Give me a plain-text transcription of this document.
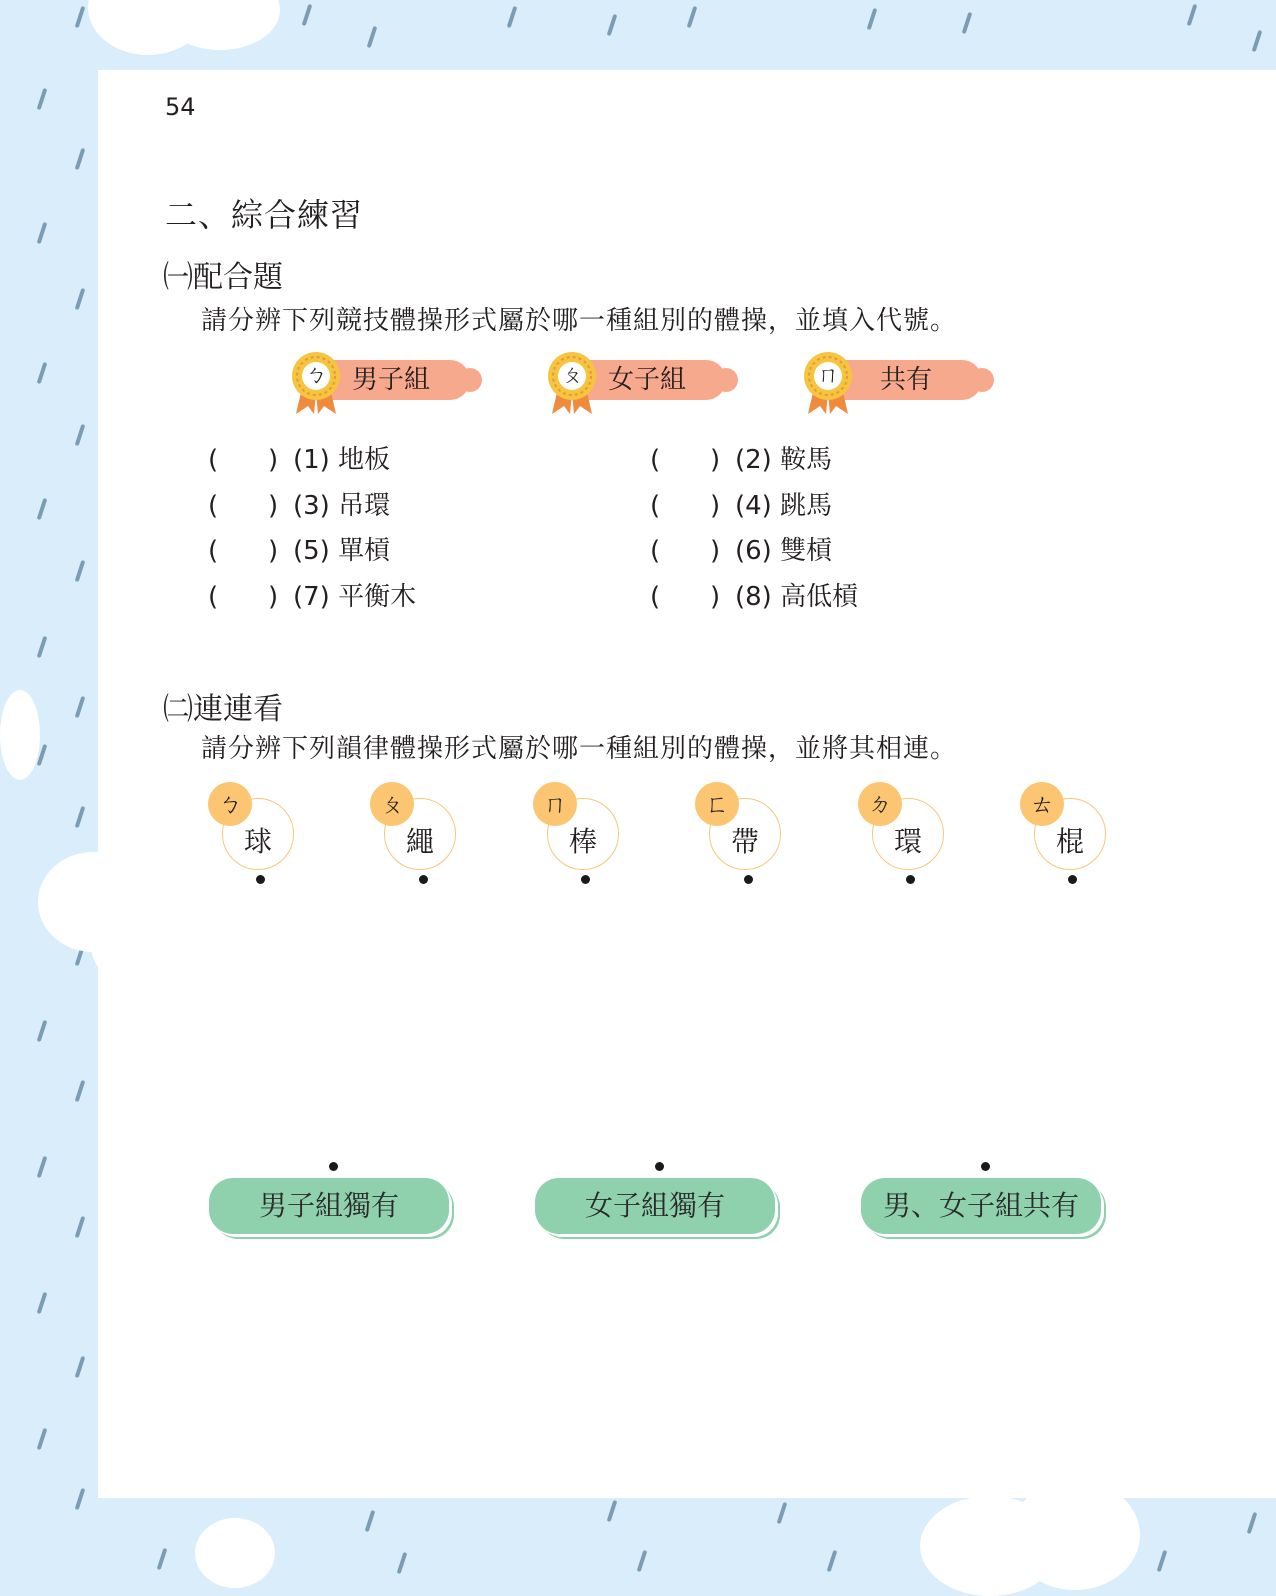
54
二、綜合練習
㈠配合題
請分辨下列競技體操形式屬於哪一種組別的體操，並填入代號。
ㄅ 男子組	ㄆ 女子組	ㄇ 共有
( ) (1) 地板	( ) (2) 鞍馬
( ) (3) 吊環	( ) (4) 跳馬
( ) (5) 單槓	( ) (6) 雙槓
( ) (7) 平衡木	( ) (8) 高低槓
㈡連連看
請分辨下列韻律體操形式屬於哪一種組別的體操，並將其相連。
ㄅ
球
ㄆ
繩
ㄇ
棒
ㄈ
帶
ㄉ
環
ㄊ
棍
男子組獨有	女子組獨有	男、女子組共有
